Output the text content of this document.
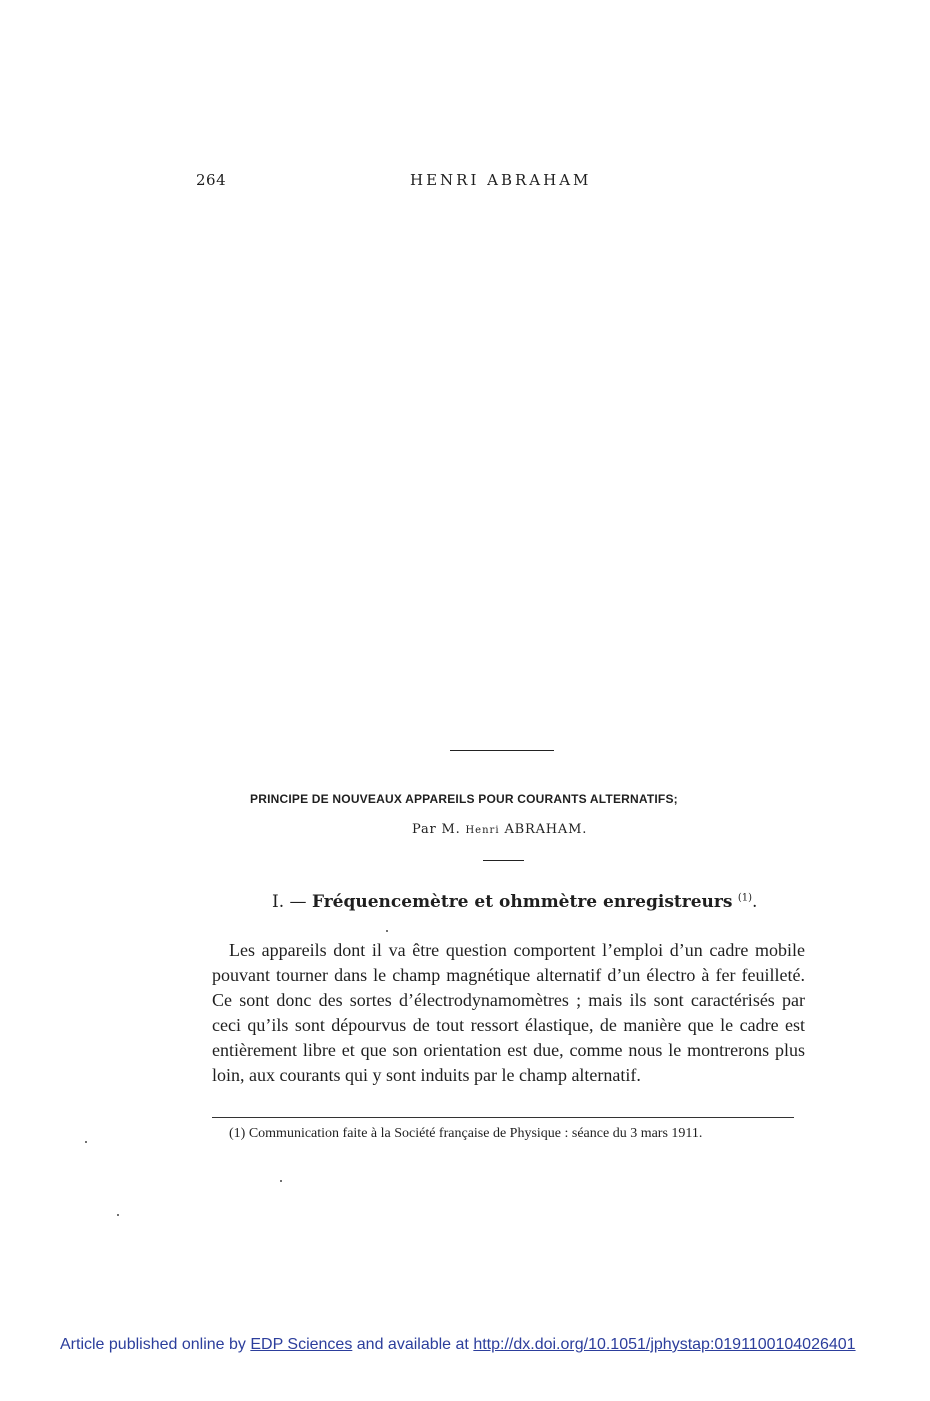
264	HENRI ABRAHAM
PRINCIPE DE NOUVEAUX APPAREILS POUR COURANTS ALTERNATIFS;
Par M. Henri ABRAHAM.
I. — Fréquencemètre et ohmmètre enregistreurs $^{(1)}$.

Les appareils dont il va être question comportent l’emploi d’un cadre mobile pouvant tourner dans le champ magnétique alternatif d’un électro à fer feuilleté. Ce sont donc des sortes d’électrodynamomètres ; mais ils sont caractérisés par ceci qu’ils sont dépourvus de tout ressort élastique, de manière que le cadre est entièrement libre et que son orientation est due, comme nous le montrerons plus loin, aux courants qui y sont induits par le champ alternatif.

(1) Communication faite à la Société française de Physique : séance du 3 mars 1911.

Article published online by EDP Sciences and available at http://dx.doi.org/10.1051/jphystap:0191100104026401
